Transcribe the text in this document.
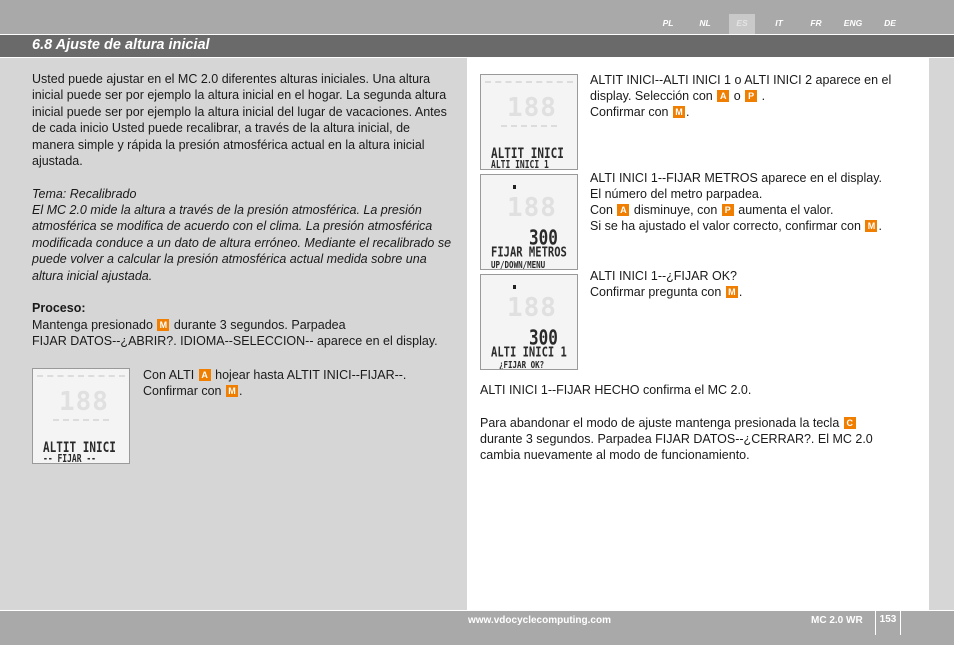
PL	NL	ES	IT	FR	ENG	DE
6.8 Ajuste de altura inicial
Usted puede ajustar en el MC 2.0 diferentes alturas iniciales. Una altura inicial puede ser por ejemplo la altura inicial en el hogar. La segunda altura inicial puede ser por ejemplo la altura inicial del lugar de vacaciones. Antes de cada inicio Usted puede recalibrar, a través de la altura inicial, de manera simple y rápida la presión atmosférica actual en la altura inicial ajustada.
Tema: Recalibrado
El MC 2.0 mide la altura a través de la presión atmosférica. La presión atmosférica se modifica de acuerdo con el clima. La presión atmosférica modificada conduce a un dato de altura erróneo. Mediante el recalibrado se puede volver a calcular la presión atmosférica actual medida sobre una altura inicial ajustada.
Proceso:
Mantenga presionado M durante 3 segundos. Parpadea
FIJAR DATOS--¿ABRIR?. IDIOMA--SELECCION-- aparece en el display.
188
ALTIT INICI
-- FIJAR --
Con ALTI A hojear hasta ALTIT INICI--FIJAR--.
Confirmar con M .
188
ALTIT INICI
ALTI INICI 1
ALTIT INICI--ALTI INICI 1 o ALTI INICI 2 aparece en el
display. Selección con A o P .
Confirmar con M .
188
300
FIJAR METROS
UP/DOWN/MENU
ALTI INICI 1--FIJAR METROS aparece en el display.
El número del metro parpadea.
Con A disminuye, con P aumenta el valor.
Si se ha ajustado el valor correcto, confirmar con M .
188
300
ALTI INICI 1
¿FIJAR OK?
ALTI INICI 1--¿FIJAR OK?
Confirmar pregunta con M .
ALTI INICI 1--FIJAR HECHO confirma el MC 2.0.
Para abandonar el modo de ajuste mantenga presionada la tecla C
durante 3 segundos. Parpadea FIJAR DATOS--¿CERRAR?. El MC 2.0
cambia nuevamente al modo de funcionamiento.
www.vdocyclecomputing.com	MC 2.0 WR	153
